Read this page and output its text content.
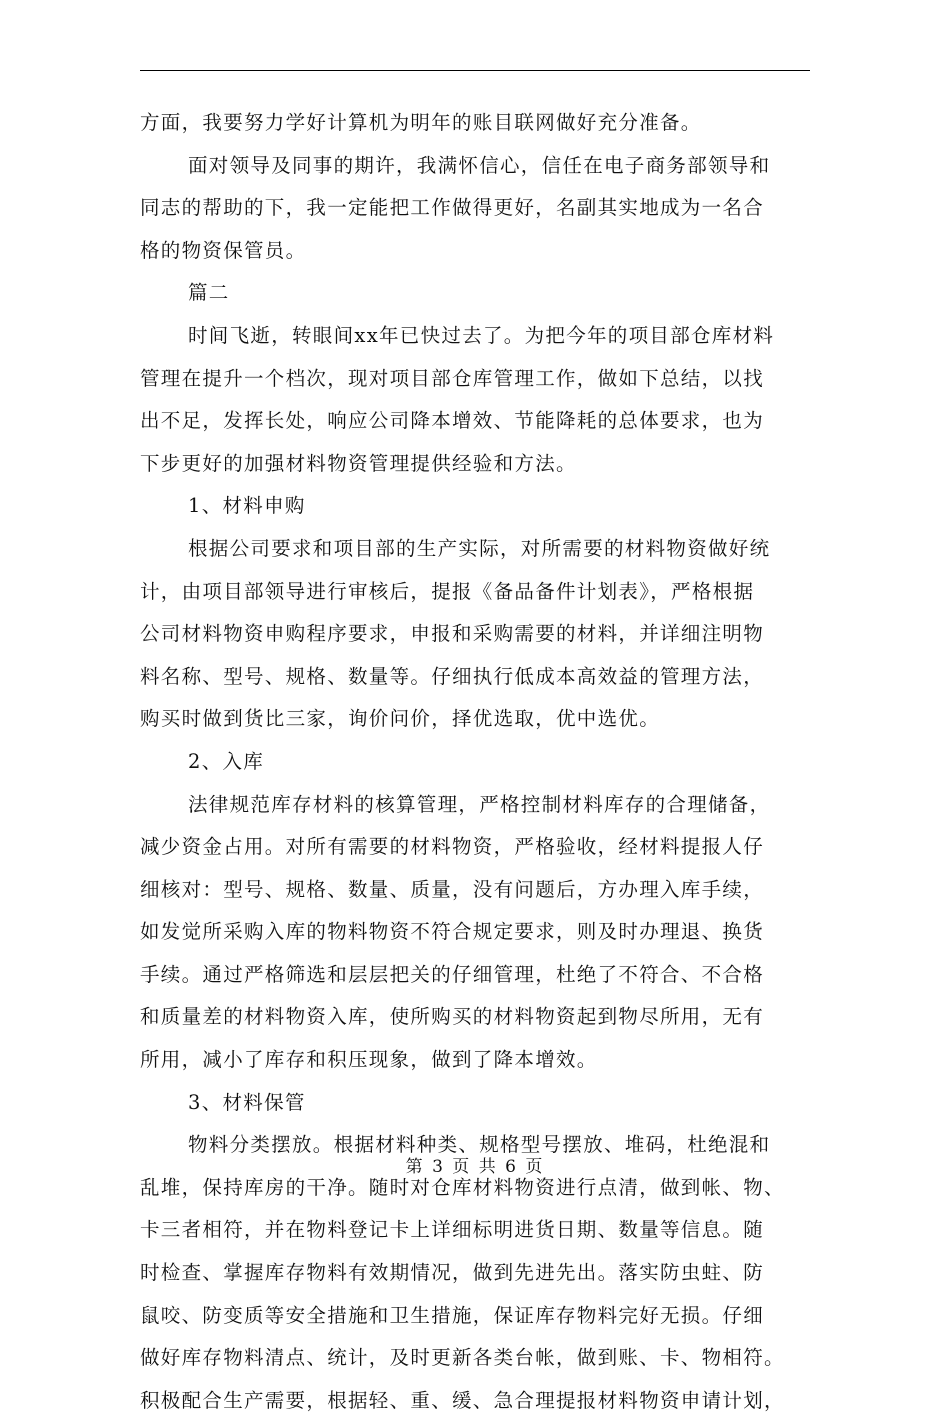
方面，我要努力学好计算机为明年的账目联网做好充分准备。
面对领导及同事的期许，我满怀信心，信任在电子商务部领导和
同志的帮助的下，我一定能把工作做得更好，名副其实地成为一名合
格的物资保管员。
篇二
时间飞逝，转眼间xx年已快过去了。为把今年的项目部仓库材料
管理在提升一个档次，现对项目部仓库管理工作，做如下总结，以找
出不足，发挥长处，响应公司降本增效、节能降耗的总体要求，也为
下步更好的加强材料物资管理提供经验和方法。
1、材料申购
根据公司要求和项目部的生产实际，对所需要的材料物资做好统
计，由项目部领导进行审核后，提报《备品备件计划表》，严格根据
公司材料物资申购程序要求，申报和采购需要的材料，并详细注明物
料名称、型号、规格、数量等。仔细执行低成本高效益的管理方法，
购买时做到货比三家，询价问价，择优选取，优中选优。
2、入库
法律规范库存材料的核算管理，严格控制材料库存的合理储备，
减少资金占用。对所有需要的材料物资，严格验收，经材料提报人仔
细核对：型号、规格、数量、质量，没有问题后，方办理入库手续，
如发觉所采购入库的物料物资不符合规定要求，则及时办理退、换货
手续。通过严格筛选和层层把关的仔细管理，杜绝了不符合、不合格
和质量差的材料物资入库，使所购买的材料物资起到物尽所用，无有
所用，减小了库存和积压现象，做到了降本增效。
3、材料保管
物料分类摆放。根据材料种类、规格型号摆放、堆码，杜绝混和
乱堆，保持库房的干净。随时对仓库材料物资进行点清，做到帐、物、
卡三者相符，并在物料登记卡上详细标明进货日期、数量等信息。随
时检查、掌握库存物料有效期情况，做到先进先出。落实防虫蛀、防
鼠咬、防变质等安全措施和卫生措施，保证库存物料完好无损。仔细
做好库存物料清点、统计，及时更新各类台帐，做到账、卡、物相符。
积极配合生产需要，根据轻、重、缓、急合理提报材料物资申请计划，
第 3 页 共 6 页
